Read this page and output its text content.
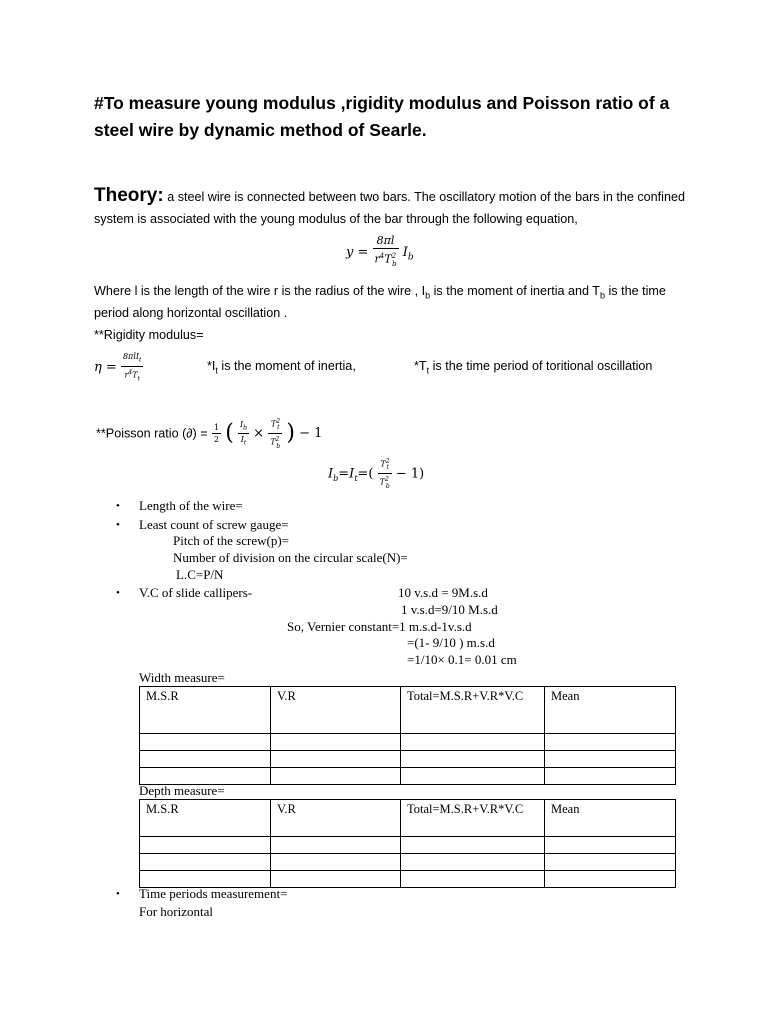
#To measure young modulus ,rigidity modulus and Poisson ratio of a steel wire by dynamic method of Searle.
Theory: a steel wire is connected between two bars. The oscillatory motion of the bars in the confined system is associated with the young modulus of the bar through the following equation,
$y = \frac{8\pi l}{r^4T^2_b} I_b$
Where l is the length of the wire r is the radius of the wire , $I_b$ is the moment of inertia and $T_b$ is the time period along horizontal oscillation .
**Rigidity modulus=
$\eta = \frac{8\pi lI_t}{r^4T_t}$	$*I_t$ is the moment of inertia,	$*T_t$ is the time period of toritional oscillation
**Poisson ratio (∂) = $\frac{1}{2}$ ( $\frac{I_b}{I_t} \times \frac{T^2_t}{T^2_b}$ ) − 1
$I_b=I_t=( \frac{T^2_t}{T^2_b} - 1)$
• Length of the wire=
• Least count of screw gauge=
Pitch of the screw(p)=
Number of division on the circular scale(N)=
L.C=P/N
• V.C of slide callipers-	10 v.s.d = 9M.s.d
1 v.s.d=9/10 M.s.d
So, Vernier constant=1 m.s.d-1v.s.d
=(1- 9/10 ) m.s.d
=1/10× 0.1= 0.01 cm
Width measure=
M.S.R	V.R	Total=M.S.R+V.R*V.C	Mean

Depth measure=
M.S.R	V.R	Total=M.S.R+V.R*V.C	Mean

• Time periods measurement=
For horizontal
